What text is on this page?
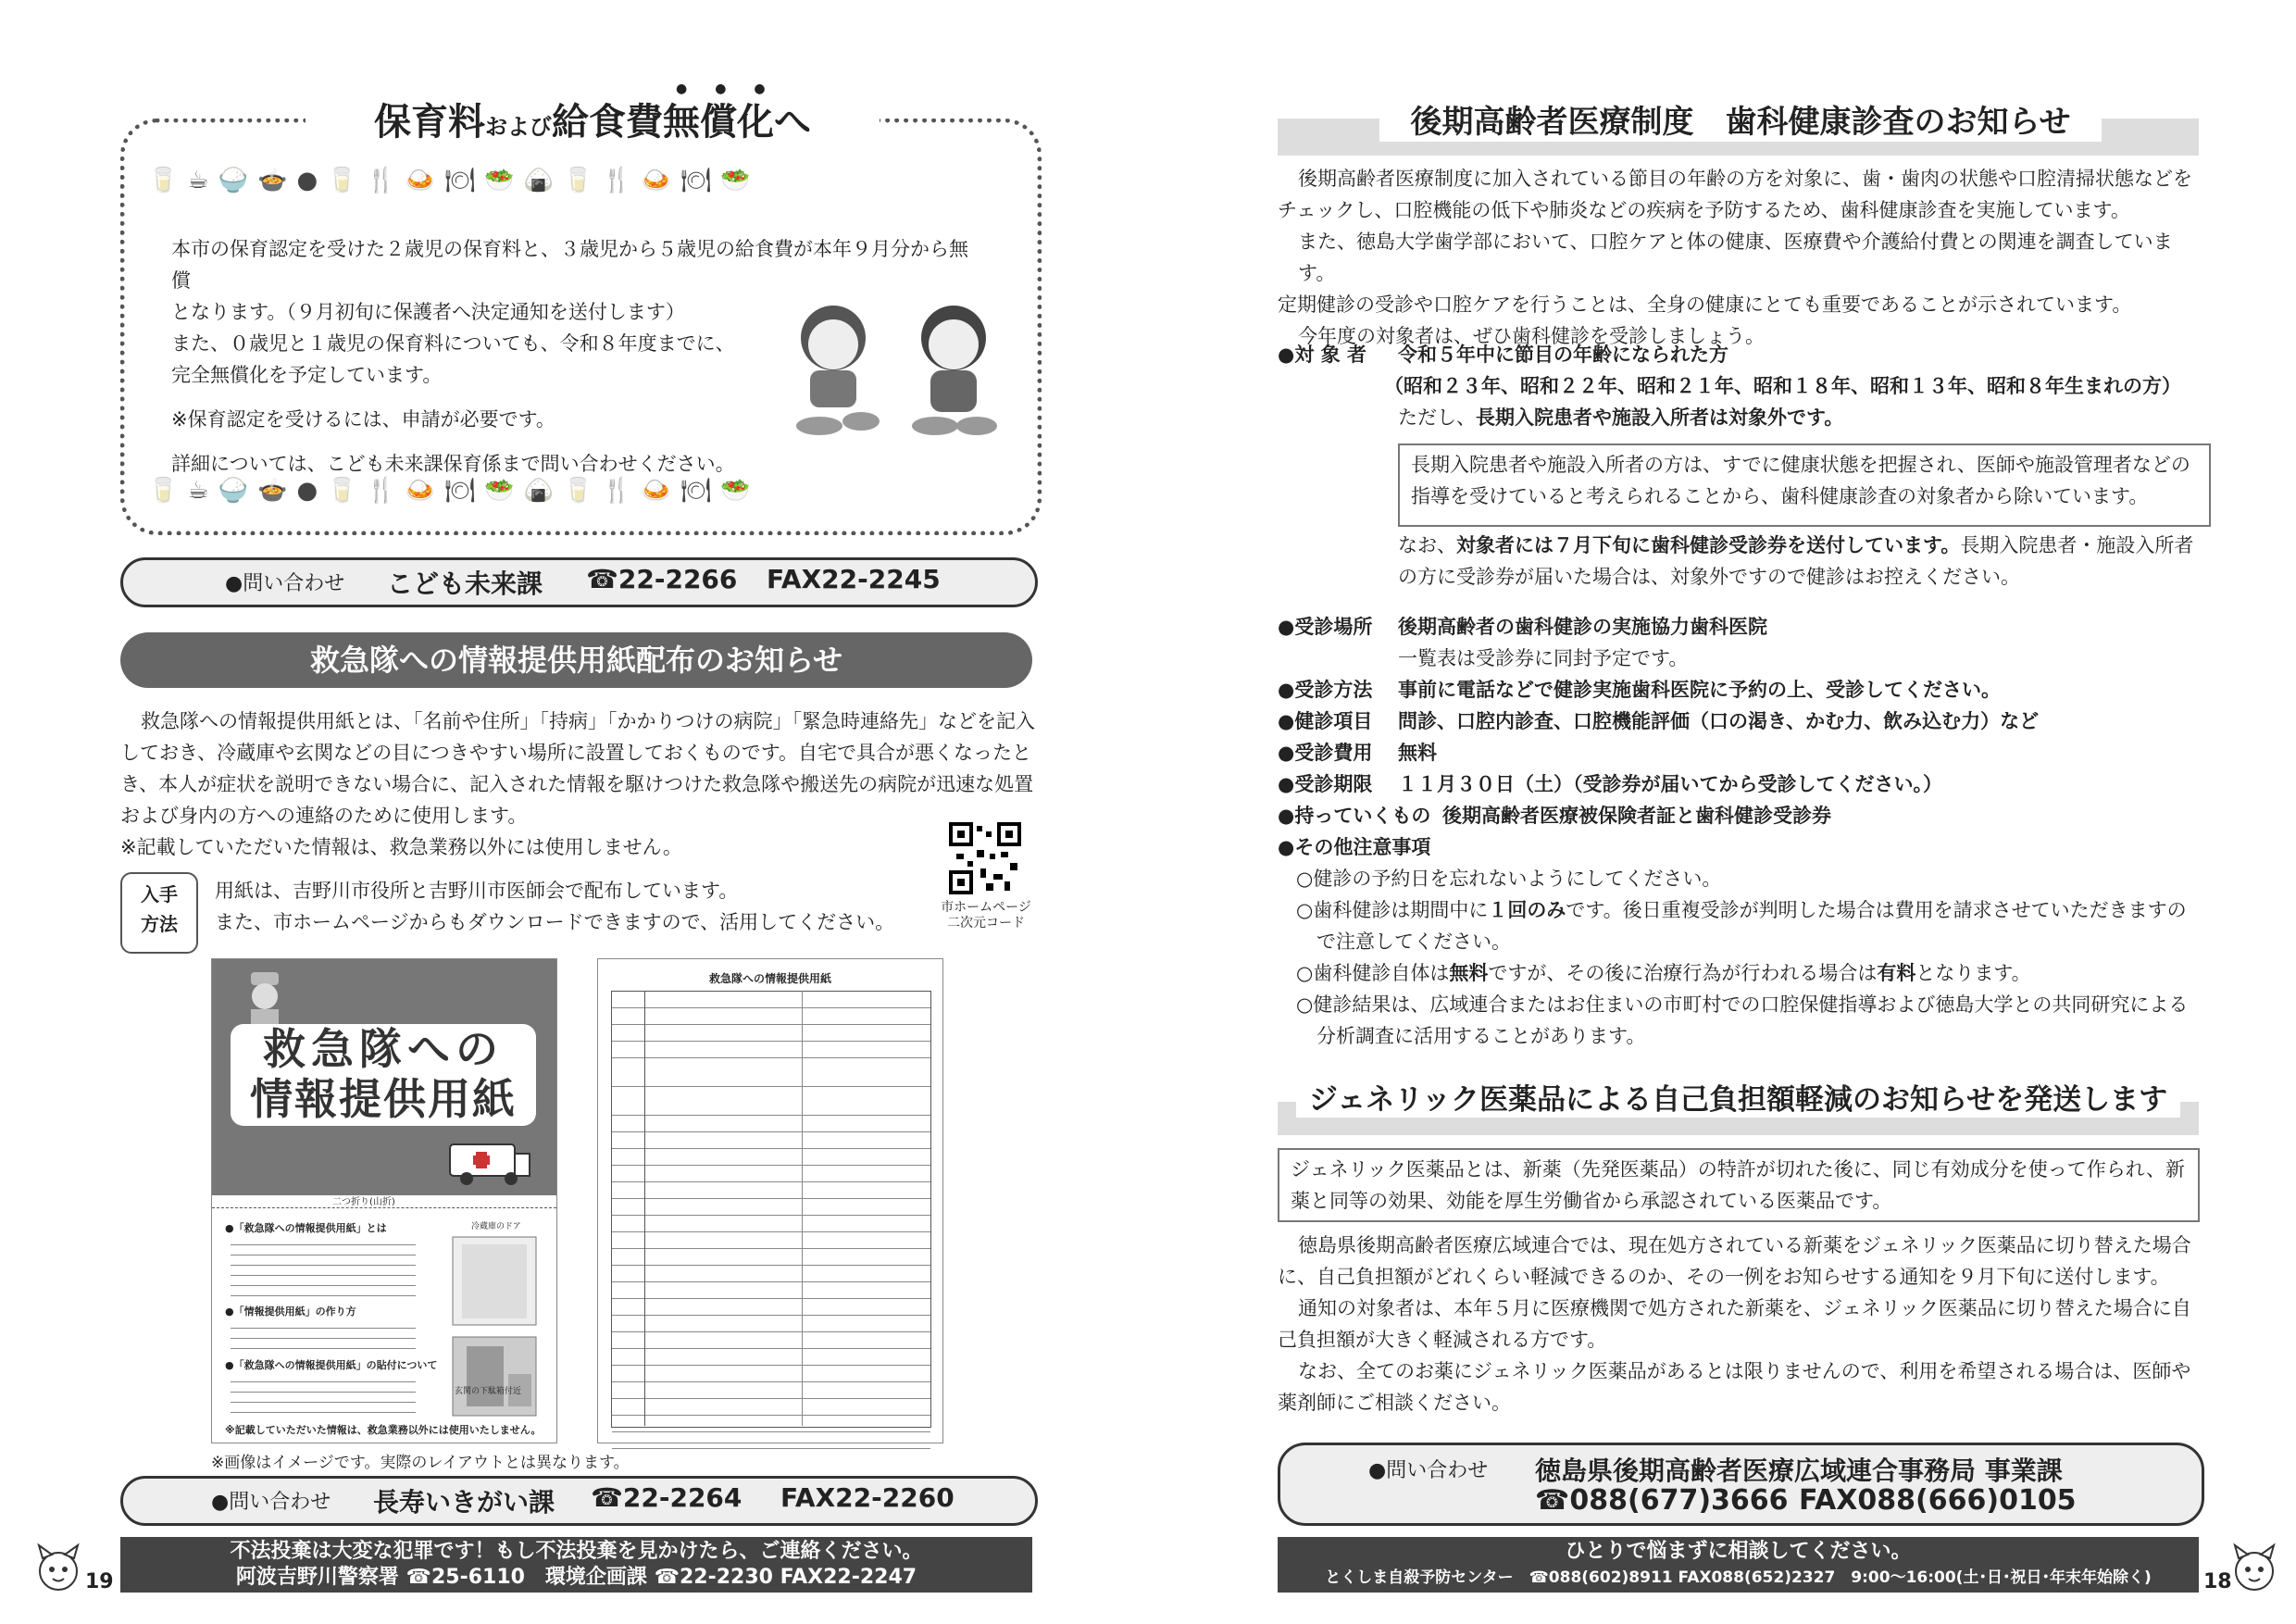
保育料および給食費無償化へ
●●●
🥛 ☕ 🍚 🍲 ● 🥛 🍴 🍛 🍽 🥗 🍙 🥛 🍴 🍛 🍽 🥗
🥛 ☕ 🍚 🍲 ● 🥛 🍴 🍛 🍽 🥗 🍙 🥛 🍴 🍛 🍽 🥗

本市の保育認定を受けた２歳児の保育料と、３歳児から５歳児の給食費が本年９月分から無償

となります。（９月初旬に保護者へ決定通知を送付します）

また、０歳児と１歳児の保育料についても、令和８年度までに、

完全無償化を予定しています。

※保育認定を受けるには、申請が必要です。

詳細については、こども未来課保育係まで問い合わせください。

●問い合わせ こども未来課 ☎22-2266 FAX22-2245
救急隊への情報提供用紙配布のお知らせ

救急隊への情報提供用紙とは、「名前や住所」「持病」「かかりつけの病院」「緊急時連絡先」などを記入

しておき、冷蔵庫や玄関などの目につきやすい場所に設置しておくものです。自宅で具合が悪くなったと

き、本人が症状を説明できない場合に、記入された情報を駆けつけた救急隊や搬送先の病院が迅速な処置

および身内の方への連絡のために使用します。

※記載していただいた情報は、救急業務以外には使用しません。

入手
方法

用紙は、吉野川市役所と吉野川市医師会で配布しています。

また、市ホームページからもダウンロードできますので、活用してください。

市ホームページ
二次元コード
救急隊への
情報提供用紙
二つ折り(山折)
●「救急隊への情報提供用紙」とは
●「情報提供用紙」の作り方
●「救急隊への情報提供用紙」の貼付について
冷蔵庫のドア
玄関の下駄箱付近
※記載していただいた情報は、救急業務以外には使用いたしません。
救急隊への情報提供用紙
※画像はイメージです。実際のレイアウトとは異なります。
●問い合わせ 長寿いきがい課 ☎22-2264 FAX22-2260
不法投棄は大変な犯罪です！もし不法投棄を見かけたら、ご連絡ください。
阿波吉野川警察署 ☎25-6110　環境企画課 ☎22-2230 FAX22-2247
19
後期高齢者医療制度　歯科健康診査のお知らせ

後期高齢者医療制度に加入されている節目の年齢の方を対象に、歯・歯肉の状態や口腔清掃状態などを

チェックし、口腔機能の低下や肺炎などの疾病を予防するため、歯科健康診査を実施しています。

また、徳島大学歯学部において、口腔ケアと体の健康、医療費や介護給付費との関連を調査しています。

定期健診の受診や口腔ケアを行うことは、全身の健康にとても重要であることが示されています。

今年度の対象者は、ぜひ歯科健診を受診しましょう。

●対 象 者 令和５年中に節目の年齢になられた方

（昭和２３年、昭和２２年、昭和２１年、昭和１８年、昭和１３年、昭和８年生まれの方）

ただし、長期入院患者や施設入所者は対象外です。

長期入院患者や施設入所者の方は、すでに健康状態を把握され、医師や施設管理者などの

指導を受けていると考えられることから、歯科健康診査の対象者から除いています。

なお、対象者には７月下旬に歯科健診受診券を送付しています。長期入院患者・施設入所者

の方に受診券が届いた場合は、対象外ですので健診はお控えください。

●受診場所 後期高齢者の歯科健診の実施協力歯科医院

一覧表は受診券に同封予定です。

●受診方法 事前に電話などで健診実施歯科医院に予約の上、受診してください。

●健診項目 問診、口腔内診査、口腔機能評価（口の渇き、かむ力、飲み込む力）など

●受診費用 無料

●受診期限 １１月３０日（土）（受診券が届いてから受診してください。）

●持っていくもの 後期高齢者医療被保険者証と歯科健診受診券

●その他注意事項

○健診の予約日を忘れないようにしてください。

○歯科健診は期間中に１回のみです。後日重複受診が判明した場合は費用を請求させていただきますの

で注意してください。

○歯科健診自体は無料ですが、その後に治療行為が行われる場合は有料となります。

○健診結果は、広域連合またはお住まいの市町村での口腔保健指導および徳島大学との共同研究による

分析調査に活用することがあります。

ジェネリック医薬品による自己負担額軽減のお知らせを発送します

ジェネリック医薬品とは、新薬（先発医薬品）の特許が切れた後に、同じ有効成分を使って作られ、新

薬と同等の効果、効能を厚生労働省から承認されている医薬品です。

徳島県後期高齢者医療広域連合では、現在処方されている新薬をジェネリック医薬品に切り替えた場合

に、自己負担額がどれくらい軽減できるのか、その一例をお知らせする通知を９月下旬に送付します。

通知の対象者は、本年５月に医療機関で処方された新薬を、ジェネリック医薬品に切り替えた場合に自

己負担額が大きく軽減される方です。

なお、全てのお薬にジェネリック医薬品があるとは限りませんので、利用を希望される場合は、医師や

薬剤師にご相談ください。

●問い合わせ 徳島県後期高齢者医療広域連合事務局 事業課
☎088(677)3666 FAX088(666)0105
ひとりで悩まずに相談してください。
とくしま自殺予防センター　 ☎088(602)8911 FAX088(652)2327　9:00～16:00(土･日･祝日･年末年始除く)	18
